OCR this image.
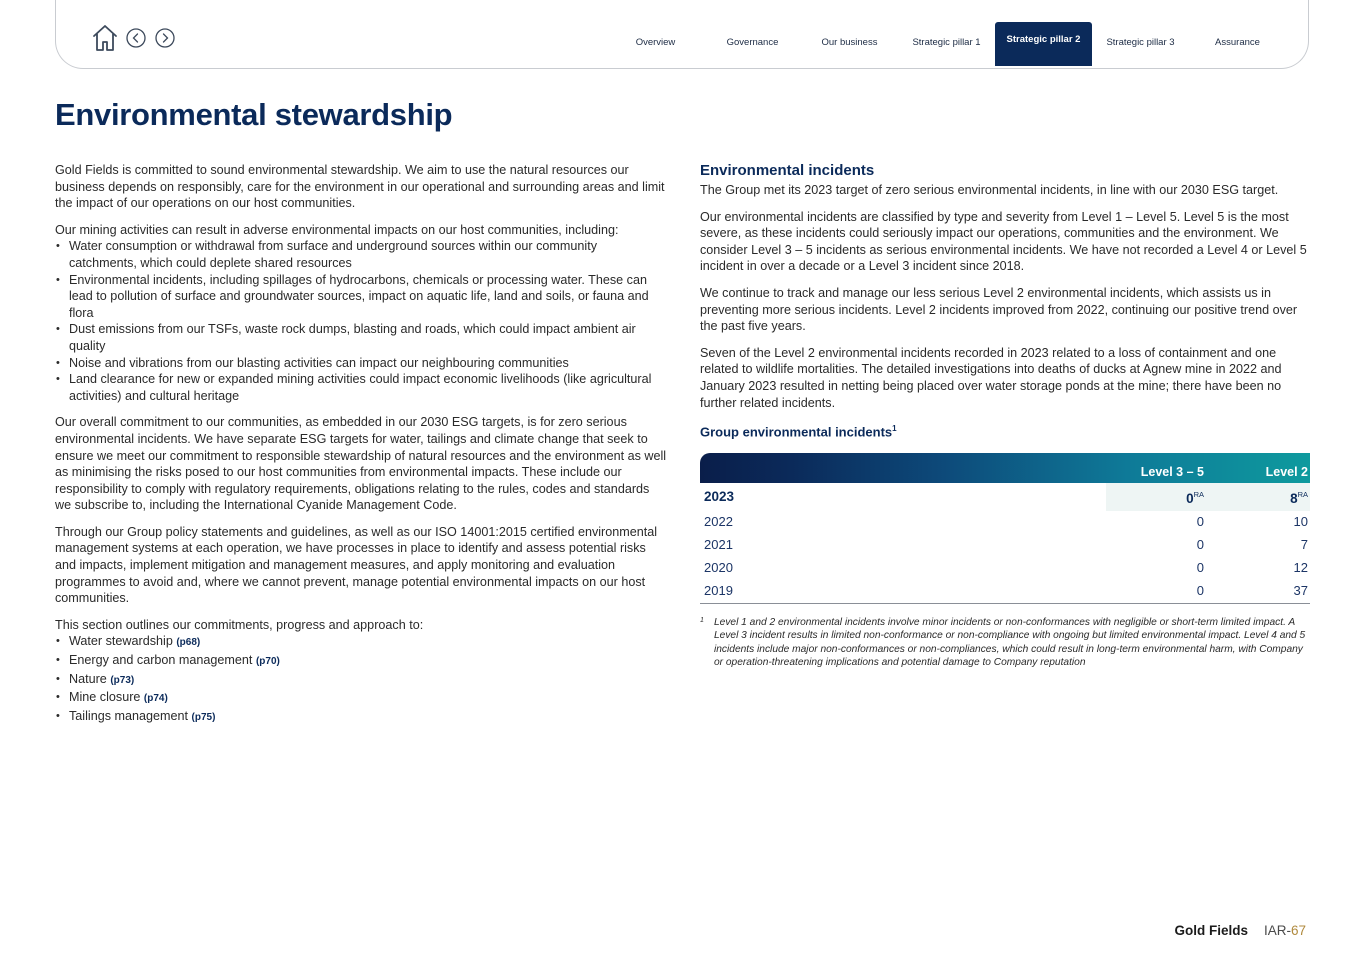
Overview	Governance	Our business	Strategic pillar 1	Strategic pillar 2	Strategic pillar 3	Assurance
Environmental stewardship

Gold Fields is committed to sound environmental stewardship. We aim to use the natural resources our business depends on responsibly, care for the environment in our operational and surrounding areas and limit the impact of our operations on our host communities.

Our mining activities can result in adverse environmental impacts on our host communities, including:

• Water consumption or withdrawal from surface and underground sources within our community catchments, which could deplete shared resources
• Environmental incidents, including spillages of hydrocarbons, chemicals or processing water. These can lead to pollution of surface and groundwater sources, impact on aquatic life, land and soils, or fauna and flora
• Dust emissions from our TSFs, waste rock dumps, blasting and roads, which could impact ambient air quality
• Noise and vibrations from our blasting activities can impact our neighbouring communities
• Land clearance for new or expanded mining activities could impact economic livelihoods (like agricultural activities) and cultural heritage

Our overall commitment to our communities, as embedded in our 2030 ESG targets, is for zero serious environmental incidents. We have separate ESG targets for water, tailings and climate change that seek to ensure we meet our commitment to responsible stewardship of natural resources and the environment as well as minimising the risks posed to our host communities from environmental impacts. These include our responsibility to comply with regulatory requirements, obligations relating to the rules, codes and standards we subscribe to, including the International Cyanide Management Code.

Through our Group policy statements and guidelines, as well as our ISO 14001:2015 certified environmental management systems at each operation, we have processes in place to identify and assess potential risks and impacts, implement mitigation and management measures, and apply monitoring and evaluation programmes to avoid and, where we cannot prevent, manage potential environmental impacts on our host communities.

This section outlines our commitments, progress and approach to:

• Water stewardship (p68)
• Energy and carbon management (p70)
• Nature (p73)
• Mine closure (p74)
• Tailings management (p75)
Environmental incidents

The Group met its 2023 target of zero serious environmental incidents, in line with our 2030 ESG target.

Our environmental incidents are classified by type and severity from Level 1 – Level 5. Level 5 is the most severe, as these incidents could seriously impact our operations, communities and the environment. We consider Level 3 – 5 incidents as serious environmental incidents. We have not recorded a Level 4 or Level 5 incident in over a decade or a Level 3 incident since 2018.

We continue to track and manage our less serious Level 2 environmental incidents, which assists us in preventing more serious incidents. Level 2 incidents improved from 2022, continuing our positive trend over the past five years.

Seven of the Level 2 environmental incidents recorded in 2023 related to a loss of containment and one related to wildlife mortalities. The detailed investigations into deaths of ducks at Agnew mine in 2022 and January 2023 resulted in netting being placed over water storage ponds at the mine; there have been no further related incidents.

Group environmental incidents$^1$
	Level 3 – 5	Level 2
2023	$0^{RA}$	$8^{RA}$
2022	0	10
2021	0	7
2020	0	12
2019	0	37
1 Level 1 and 2 environmental incidents involve minor incidents or non-conformances with negligible or short-term limited impact. A Level 3 incident results in limited non-conformance or non-compliance with ongoing but limited environmental impact. Level 4 and 5 incidents include major non-conformances or non-compliances, which could result in long-term environmental harm, with Company or operation-threatening implications and potential damage to Company reputation
Gold Fields IAR-67
